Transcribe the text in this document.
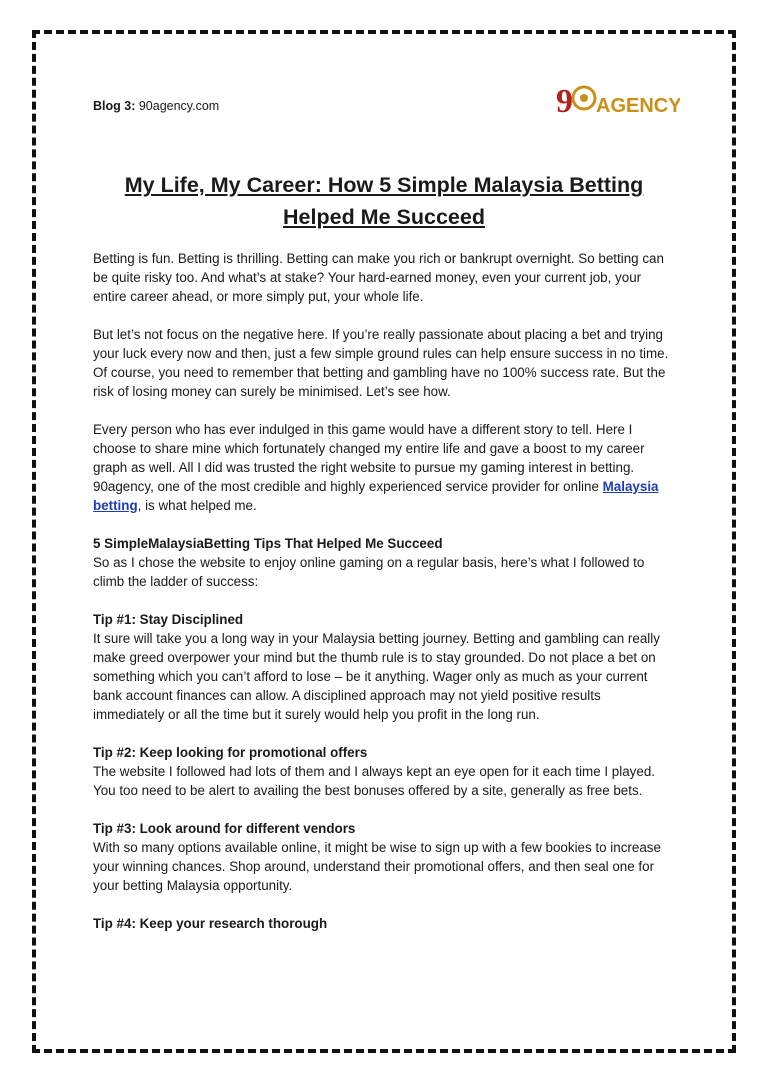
Blog 3: 90agency.com	9 AGENCY
My Life, My Career: How 5 Simple Malaysia Betting Helped Me Succeed

Betting is fun. Betting is thrilling. Betting can make you rich or bankrupt overnight. So betting can be quite risky too. And what’s at stake? Your hard-earned money, even your current job, your entire career ahead, or more simply put, your whole life.

But let’s not focus on the negative here. If you’re really passionate about placing a bet and trying your luck every now and then, just a few simple ground rules can help ensure success in no time. Of course, you need to remember that betting and gambling have no 100% success rate. But the risk of losing money can surely be minimised. Let’s see how.

Every person who has ever indulged in this game would have a different story to tell. Here I choose to share mine which fortunately changed my entire life and gave a boost to my career graph as well. All I did was trusted the right website to pursue my gaming interest in betting. 90agency, one of the most credible and highly experienced service provider for online Malaysia betting, is what helped me.

5 SimpleMalaysiaBetting Tips That Helped Me Succeed
So as I chose the website to enjoy online gaming on a regular basis, here’s what I followed to climb the ladder of success:

Tip #1: Stay Disciplined
It sure will take you a long way in your Malaysia betting journey. Betting and gambling can really make greed overpower your mind but the thumb rule is to stay grounded. Do not place a bet on something which you can’t afford to lose – be it anything. Wager only as much as your current bank account finances can allow. A disciplined approach may not yield positive results immediately or all the time but it surely would help you profit in the long run.

Tip #2: Keep looking for promotional offers
The website I followed had lots of them and I always kept an eye open for it each time I played. You too need to be alert to availing the best bonuses offered by a site, generally as free bets.

Tip #3: Look around for different vendors
With so many options available online, it might be wise to sign up with a few bookies to increase your winning chances. Shop around, understand their promotional offers, and then seal one for your betting Malaysia opportunity.

Tip #4: Keep your research thorough
